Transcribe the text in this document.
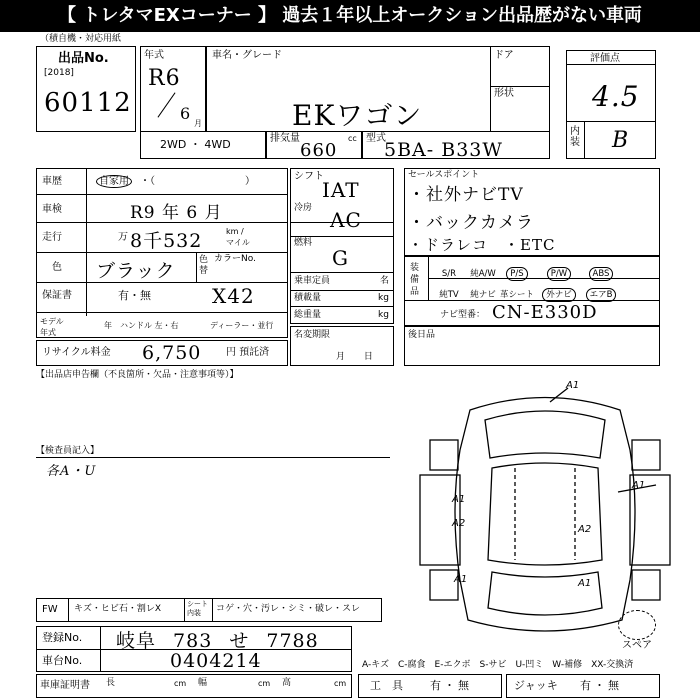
【 トレタマEXコーナー 】 過去１年以上オークション出品歴がない車両
（積自機・対応用紙
出品No.
[2018]
60112
年式
R6
6
月
車名・グレード
EKワゴン
ドア
形状
2WD ・ 4WD	排気量	cc
660
型式
5BA- B33W
評価点
4.5
内装 B
車歴	自家用	・（　　　　　　　　　）
車検	R9 年 6 月
走行	万 8千532	km / マイル
色 ブラック	色替
カラーNo.
保証書	有・無	X42
モデル年式
年 ハンドル 左・右	ディーラー・並行
リサイクル料金 6,750 円 預託済
【出品店申告欄（不良箇所・欠品・注意事項等）】
シフト
IAT
冷房 AC
燃料
G
乗車定員	名
積載量	kg
総重量	kg
名変期限
月 日
セールスポイント
・社外ナビTV
・バックカメラ
・ドラレコ　・ETC
装備品
S/R 純A/W P/S	P/W	ABS
純TV 純ナビ 革シート 外ナビ エアB
ナビ型番： CN-E330D
後日品
【検査員記入】
各A・U
A1
A1
A1
A2
A2
A1	A1
スペア
FW キズ・ヒビ石・割レX	シート内装	コゲ・穴・汚レ・シミ・破レ・スレ
登録No. 岐阜 783 せ 7788
車台No.	0404214
車庫証明書 長	cm 幅	cm 高	cm
A-キズ　C-腐食　E-エクボ　S-サビ　U-凹ミ　W-補修　XX-交換済
工　具 有・無	ジャッキ 有・無
